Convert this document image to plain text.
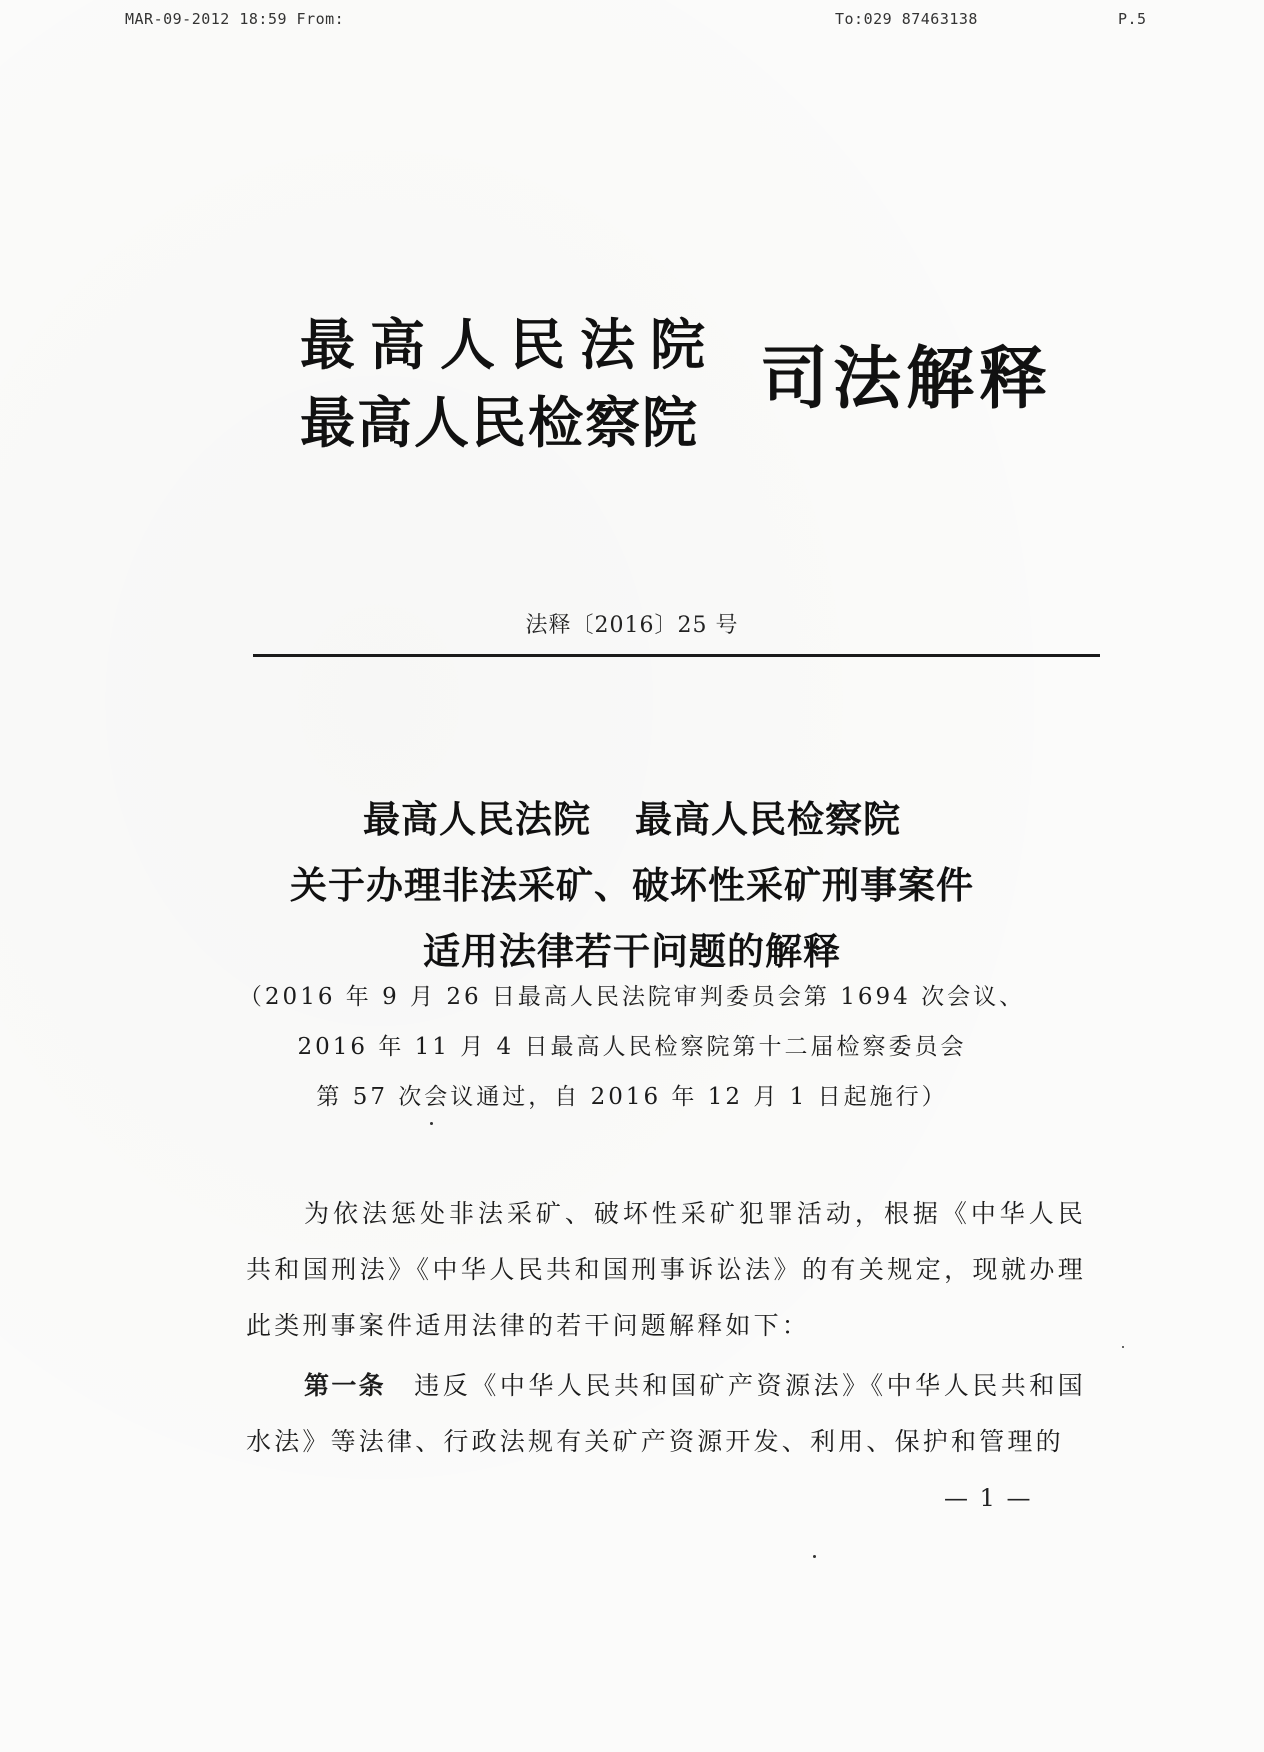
MAR-09-2012 18:59 From:	To:029 87463138	P.5
最高人民法院
最高人民检察院
司法解释
法释〔2016〕25 号
最高人民法院 最高人民检察院
关于办理非法采矿、破坏性采矿刑事案件
适用法律若干问题的解释
（2016 年 9 月 26 日最高人民法院审判委员会第 1694 次会议、
2016 年 11 月 4 日最高人民检察院第十二届检察委员会
第 57 次会议通过，自 2016 年 12 月 1 日起施行）

为依法惩处非法采矿、破坏性采矿犯罪活动，根据《中华人民共和国刑法》《中华人民共和国刑事诉讼法》的有关规定，现就办理此类刑事案件适用法律的若干问题解释如下：

第一条 违反《中华人民共和国矿产资源法》《中华人民共和国水法》等法律、行政法规有关矿产资源开发、利用、保护和管理的

— 1 —
